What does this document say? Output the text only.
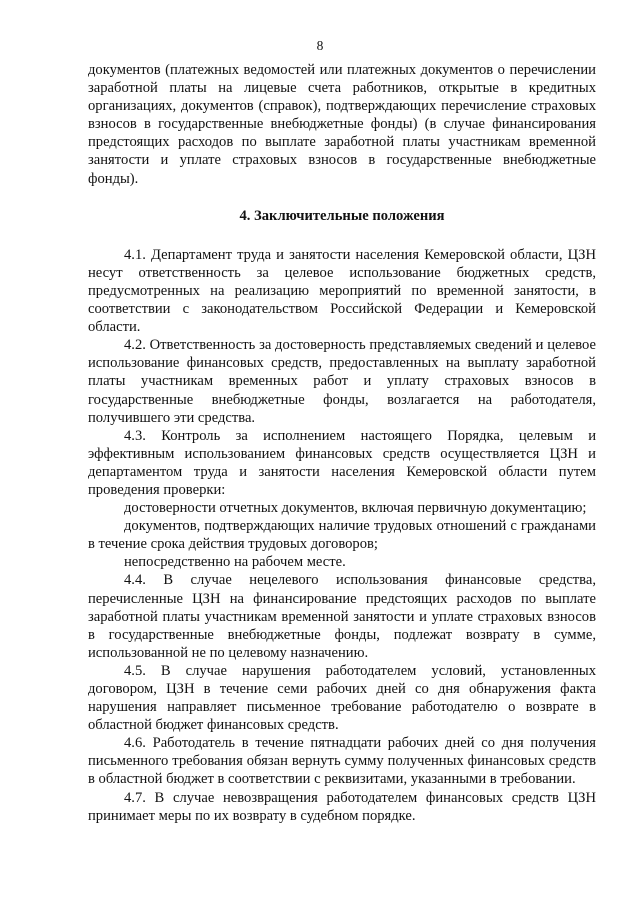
8

документов (платежных ведомостей или платежных документов о перечислении заработной платы на лицевые счета работников, открытые в кредитных организациях, документов (справок), подтверждающих перечисление страховых взносов в государственные внебюджетные фонды) (в случае финансирования предстоящих расходов по выплате заработной платы участникам временной занятости и уплате страховых взносов в государственные внебюджетные фонды).

4. Заключительные положения

4.1. Департамент труда и занятости населения Кемеровской области, ЦЗН несут ответственность за целевое использование бюджетных средств, предусмотренных на реализацию мероприятий по временной занятости, в соответствии с законодательством Российской Федерации и Кемеровской области.

4.2. Ответственность за достоверность представляемых сведений и целевое использование финансовых средств, предоставленных на выплату заработной платы участникам временных работ и уплату страховых взносов в государственные внебюджетные фонды, возлагается на работодателя, получившего эти средства.

4.3. Контроль за исполнением настоящего Порядка, целевым и эффективным использованием финансовых средств осуществляется ЦЗН и департаментом труда и занятости населения Кемеровской области путем проведения проверки:

достоверности отчетных документов, включая первичную документацию;

документов, подтверждающих наличие трудовых отношений с гражданами в течение срока действия трудовых договоров;

непосредственно на рабочем месте.

4.4. В случае нецелевого использования финансовые средства, перечисленные ЦЗН на финансирование предстоящих расходов по выплате заработной платы участникам временной занятости и уплате страховых взносов в государственные внебюджетные фонды, подлежат возврату в сумме, использованной не по целевому назначению.

4.5. В случае нарушения работодателем условий, установленных договором, ЦЗН в течение семи рабочих дней со дня обнаружения факта нарушения направляет письменное требование работодателю о возврате в областной бюджет финансовых средств.

4.6. Работодатель в течение пятнадцати рабочих дней со дня получения письменного требования обязан вернуть сумму полученных финансовых средств в областной бюджет в соответствии с реквизитами, указанными в требовании.

4.7. В случае невозвращения работодателем финансовых средств ЦЗН принимает меры по их возврату в судебном порядке.
